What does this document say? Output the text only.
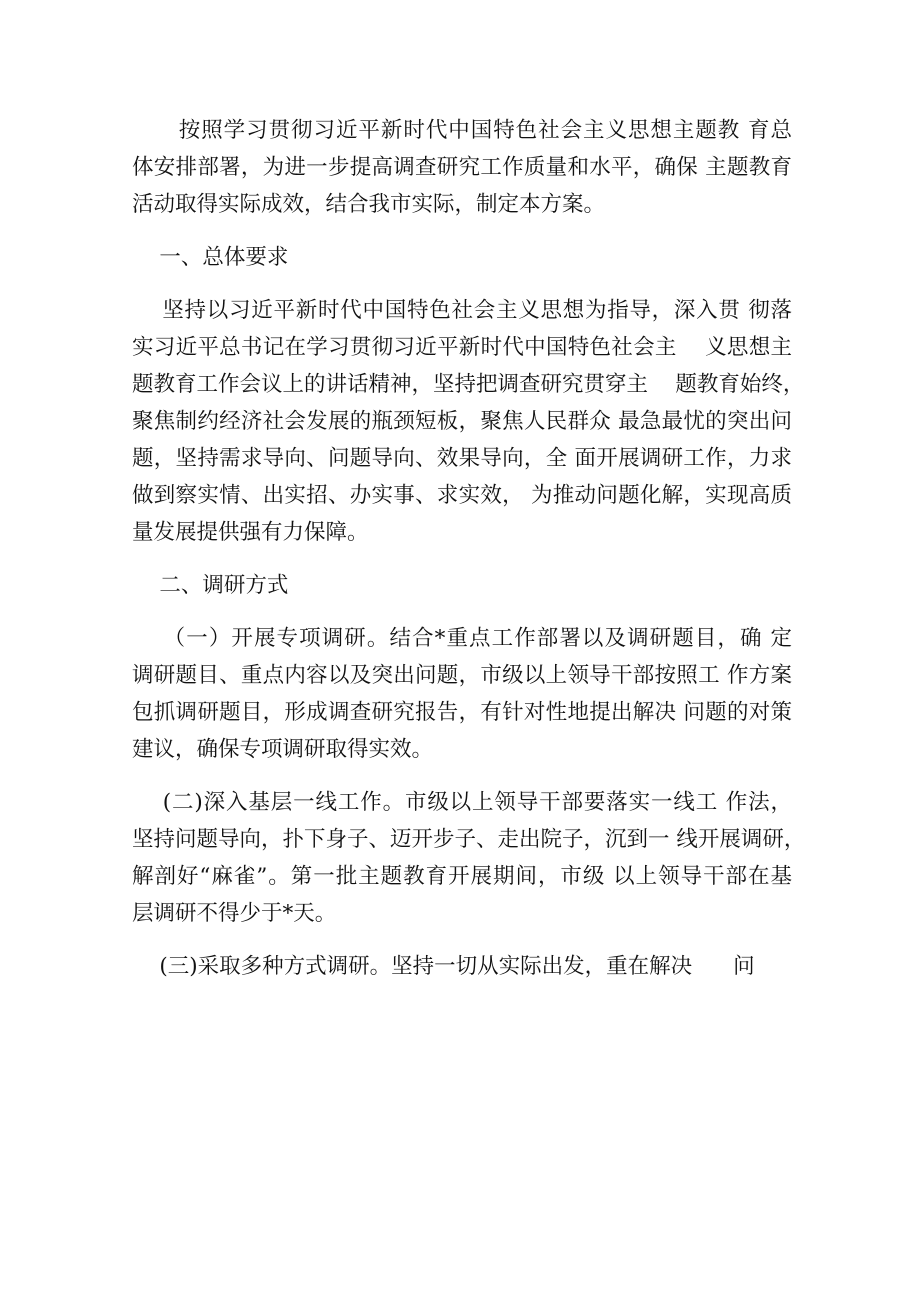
按照学习贯彻习近平新时代中国特色社会主义思想主题教 育总
体安排部署，为进一步提高调查研究工作质量和水平，确保 主题教育
活动取得实际成效，结合我市实际，制定本方案。
一、总体要求
坚持以习近平新时代中国特色社会主义思想为指导，深入贯 彻落
实习近平总书记在学习贯彻习近平新时代中国特色社会主    义思想主
题教育工作会议上的讲话精神，坚持把调查研究贯穿主    题教育始终，
聚焦制约经济社会发展的瓶颈短板，聚焦人民群众 最急最忧的突出问
题，坚持需求导向、问题导向、效果导向，全 面开展调研工作，力求
做到察实情、出实招、办实事、求实效， 为推动问题化解，实现高质
量发展提供强有力保障。
二、调研方式
（一）开展专项调研。结合*重点工作部署以及调研题目，确 定
调研题目、重点内容以及突出问题，市级以上领导干部按照工 作方案
包抓调研题目，形成调查研究报告，有针对性地提出解决 问题的对策
建议，确保专项调研取得实效。
(二)深入基层一线工作。市级以上领导干部要落实一线工 作法，
坚持问题导向，扑下身子、迈开步子、走出院子，沉到一 线开展调研，
解剖好“麻雀”。第一批主题教育开展期间，市级 以上领导干部在基
层调研不得少于*天。
(三)采取多种方式调研。坚持一切从实际出发，重在解决      问
